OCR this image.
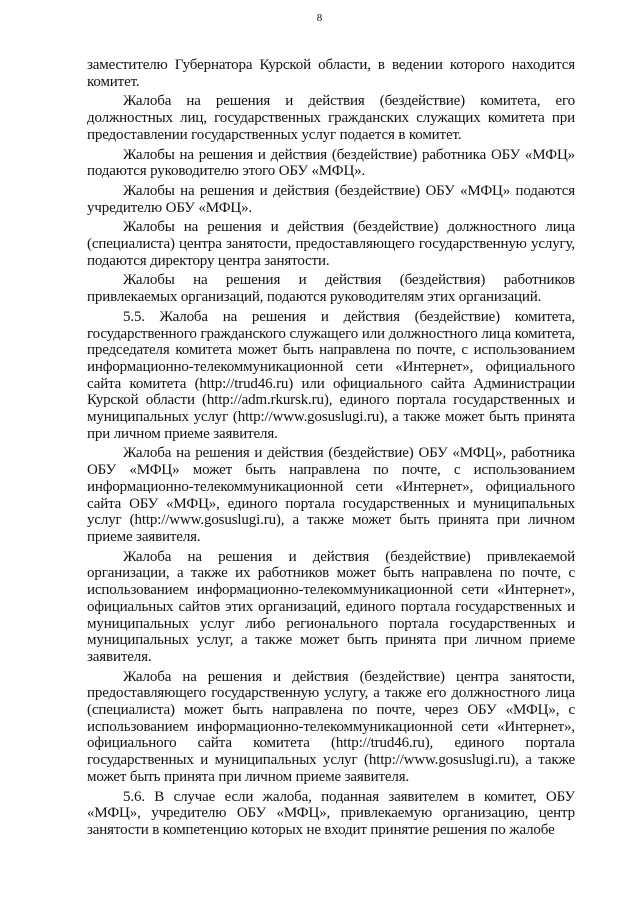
8

заместителю Губернатора Курской области, в ведении которого находится комитет.

Жалоба на решения и действия (бездействие) комитета, его должностных лиц, государственных гражданских служащих комитета при предоставлении государственных услуг подается в комитет.

Жалобы на решения и действия (бездействие) работника ОБУ «МФЦ» подаются руководителю этого ОБУ «МФЦ».

Жалобы на решения и действия (бездействие) ОБУ «МФЦ» подаются учредителю ОБУ «МФЦ».

Жалобы на решения и действия (бездействие) должностного лица (специалиста) центра занятости, предоставляющего государственную услугу, подаются директору центра занятости.

Жалобы на решения и действия (бездействия) работников привлекаемых организаций, подаются руководителям этих организаций.

5.5. Жалоба на решения и действия (бездействие) комитета, государственного гражданского служащего или должностного лица комитета, председателя комитета может быть направлена по почте, с использованием информационно-телекоммуникационной сети «Интернет», официального сайта комитета (http://trud46.ru) или официального сайта Администрации Курской области (http://adm.rkursk.ru), единого портала государственных и муниципальных услуг (http://www.gosuslugi.ru), а также может быть принята при личном приеме заявителя.

Жалоба на решения и действия (бездействие) ОБУ «МФЦ», работника ОБУ «МФЦ» может быть направлена по почте, с использованием информационно-телекоммуникационной сети «Интернет», официального сайта ОБУ «МФЦ», единого портала государственных и муниципальных услуг (http://www.gosuslugi.ru), а также может быть принята при личном приеме заявителя.

Жалоба на решения и действия (бездействие) привлекаемой организации, а также их работников может быть направлена по почте, с использованием информационно-телекоммуникационной сети «Интернет», официальных сайтов этих организаций, единого портала государственных и муниципальных услуг либо регионального портала государственных и муниципальных услуг, а также может быть принята при личном приеме заявителя.

Жалоба на решения и действия (бездействие) центра занятости, предоставляющего государственную услугу, а также его должностного лица (специалиста) может быть направлена по почте, через ОБУ «МФЦ», с использованием информационно-телекоммуникационной сети «Интернет», официального сайта комитета (http://trud46.ru), единого портала государственных и муниципальных услуг (http://www.gosuslugi.ru), а также может быть принята при личном приеме заявителя.

5.6. В случае если жалоба, поданная заявителем в комитет, ОБУ «МФЦ», учредителю ОБУ «МФЦ», привлекаемую организацию, центр занятости в компетенцию которых не входит принятие решения по жалобе
